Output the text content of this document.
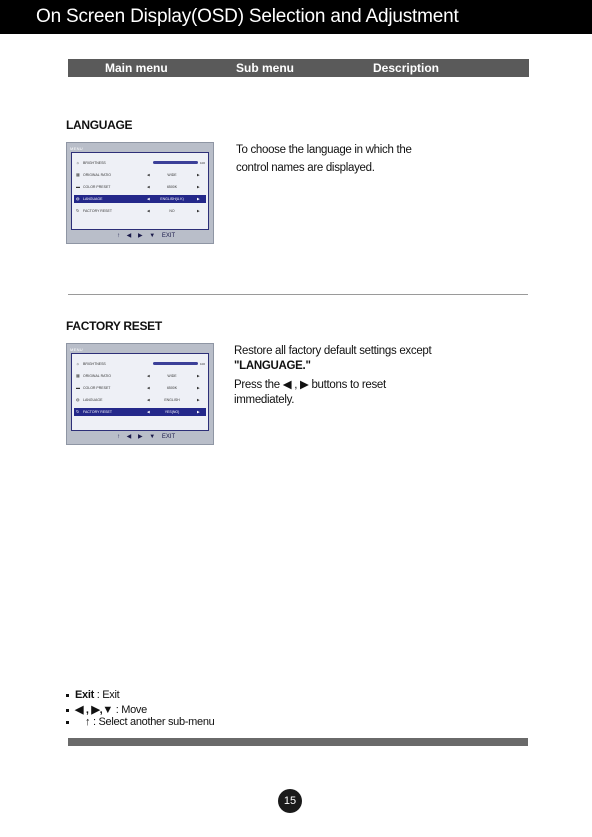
On Screen Display(OSD) Selection and Adjustment
Main menu	Sub menu	Description
LANGUAGE
MENU
☼ BRIGHTNESS	100
▦ ORIGINAL RATIO	◀	WIDE	▶
▬ COLOR PRESET	◀	6500K	▶
◍ LANGUAGE	◀	ENGLISH(U.K)	▶
↻ FACTORY RESET	◀	NO	▶
↑ ◀ ▶ ▼ EXIT
To choose the language in which the
control names are displayed.
FACTORY RESET
MENU
☼ BRIGHTNESS	100
▦ ORIGINAL RATIO	◀	WIDE	▶
▬ COLOR PRESET	◀	6500K	▶
◍ LANGUAGE	◀	ENGLISH	▶
↻ FACTORY RESET	◀	YES(NO)	▶
↑ ◀ ▶ ▼ EXIT
Restore all factory default settings except
"LANGUAGE."
Press the ◀ , ▶ buttons to reset
immediately.
Exit : Exit
◀ , ▶,▼ : Move
↑ : Select another sub-menu
15
